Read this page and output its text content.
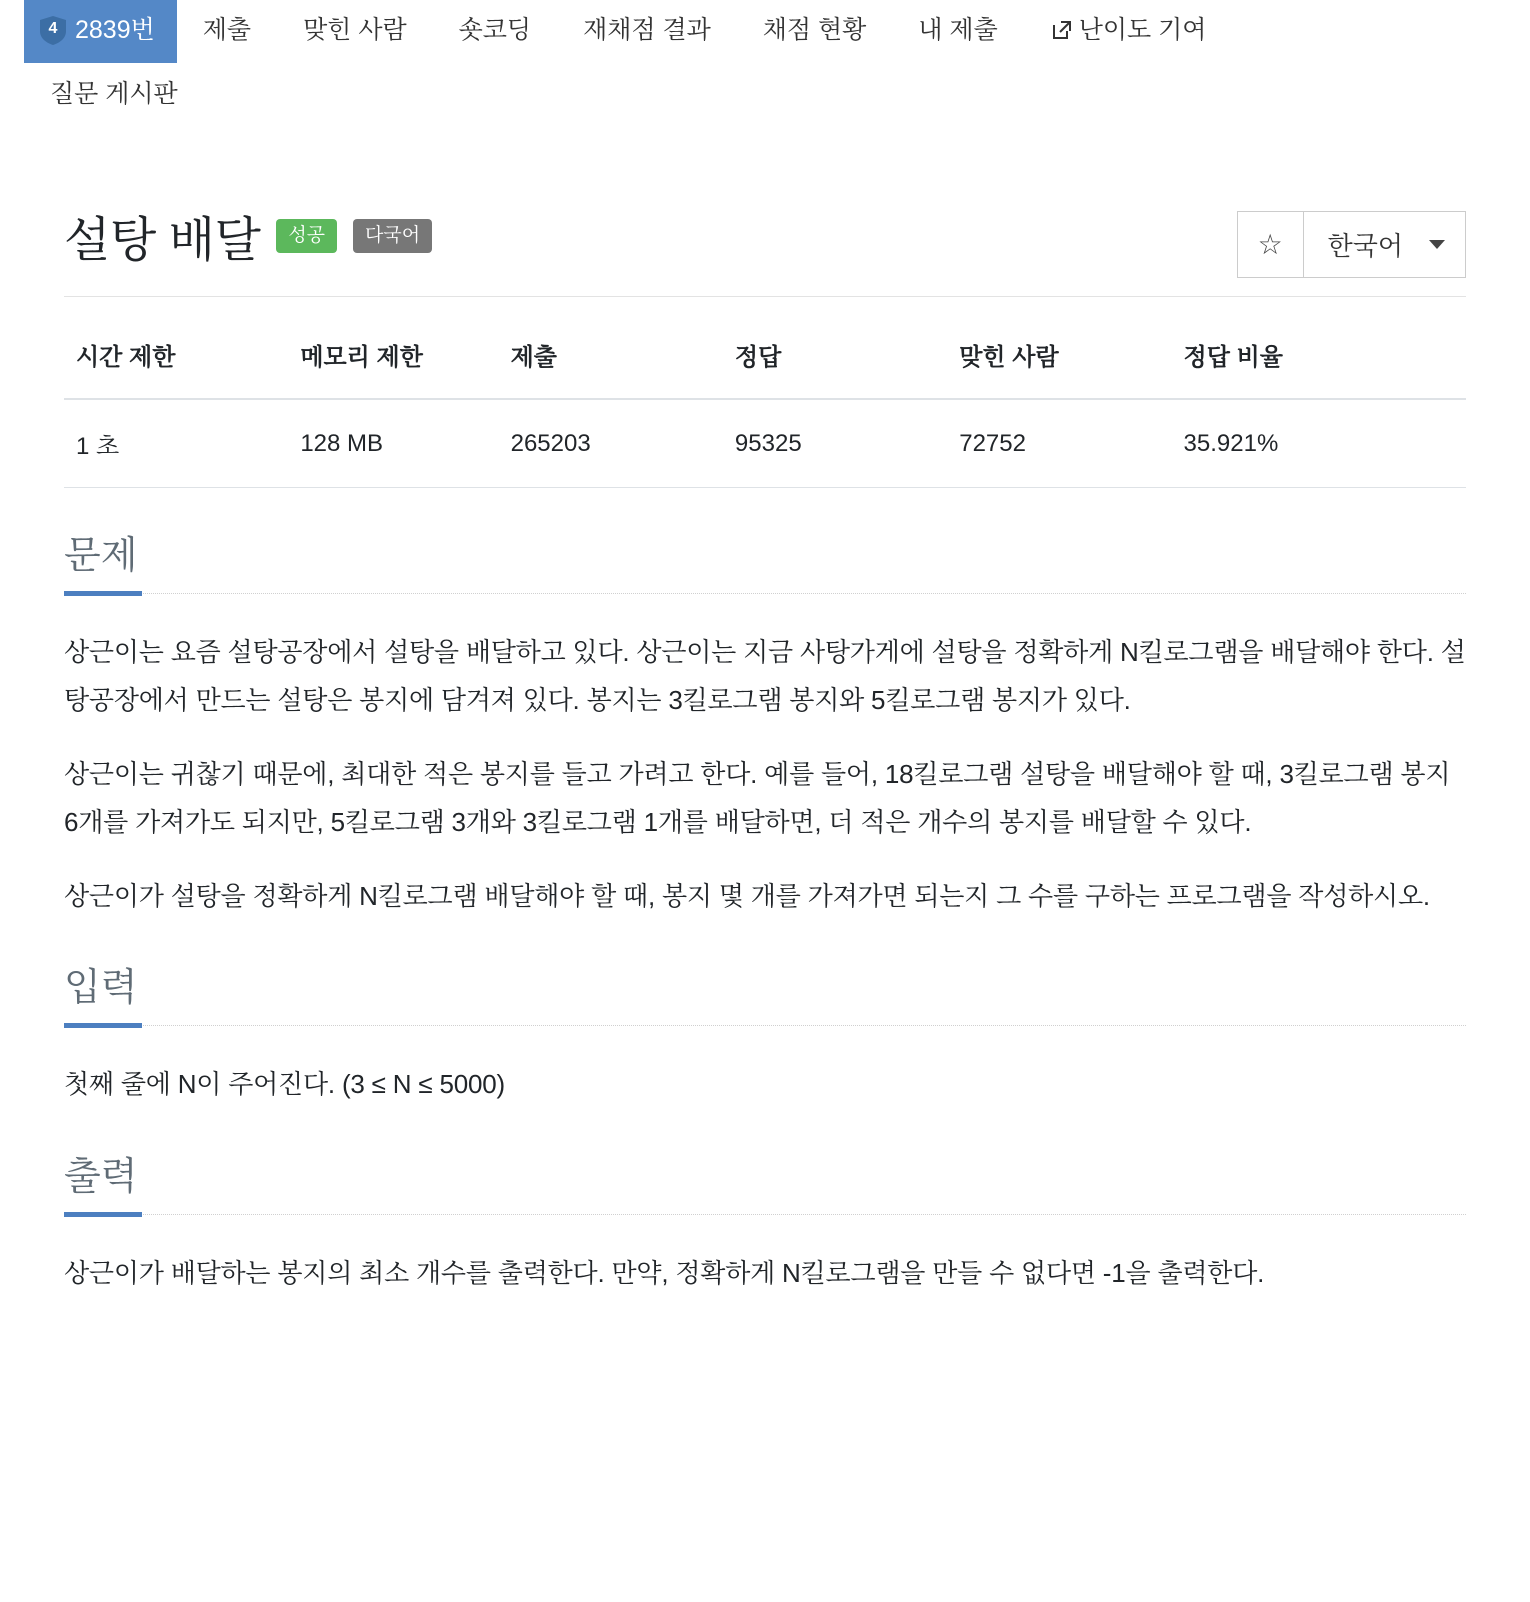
4 2839번	제출	맞힌 사람	숏코딩	재채점 결과	채점 현황	내 제출	난이도 기여
질문 게시판
설탕 배달	성공	다국어	☆ 한국어
시간 제한	메모리 제한	제출	정답	맞힌 사람	정답 비율
1 초	128 MB	265203	95325	72752	35.921%
문제

상근이는 요즘 설탕공장에서 설탕을 배달하고 있다. 상근이는 지금 사탕가게에 설탕을 정확하게 N킬로그램을 배달해야 한다. 설탕공장에서 만드는 설탕은 봉지에 담겨져 있다. 봉지는 3킬로그램 봉지와 5킬로그램 봉지가 있다.

상근이는 귀찮기 때문에, 최대한 적은 봉지를 들고 가려고 한다. 예를 들어, 18킬로그램 설탕을 배달해야 할 때, 3킬로그램 봉지 6개를 가져가도 되지만, 5킬로그램 3개와 3킬로그램 1개를 배달하면, 더 적은 개수의 봉지를 배달할 수 있다.

상근이가 설탕을 정확하게 N킬로그램 배달해야 할 때, 봉지 몇 개를 가져가면 되는지 그 수를 구하는 프로그램을 작성하시오.

입력

첫째 줄에 N이 주어진다. (3 ≤ N ≤ 5000)

출력

상근이가 배달하는 봉지의 최소 개수를 출력한다. 만약, 정확하게 N킬로그램을 만들 수 없다면 -1을 출력한다.
